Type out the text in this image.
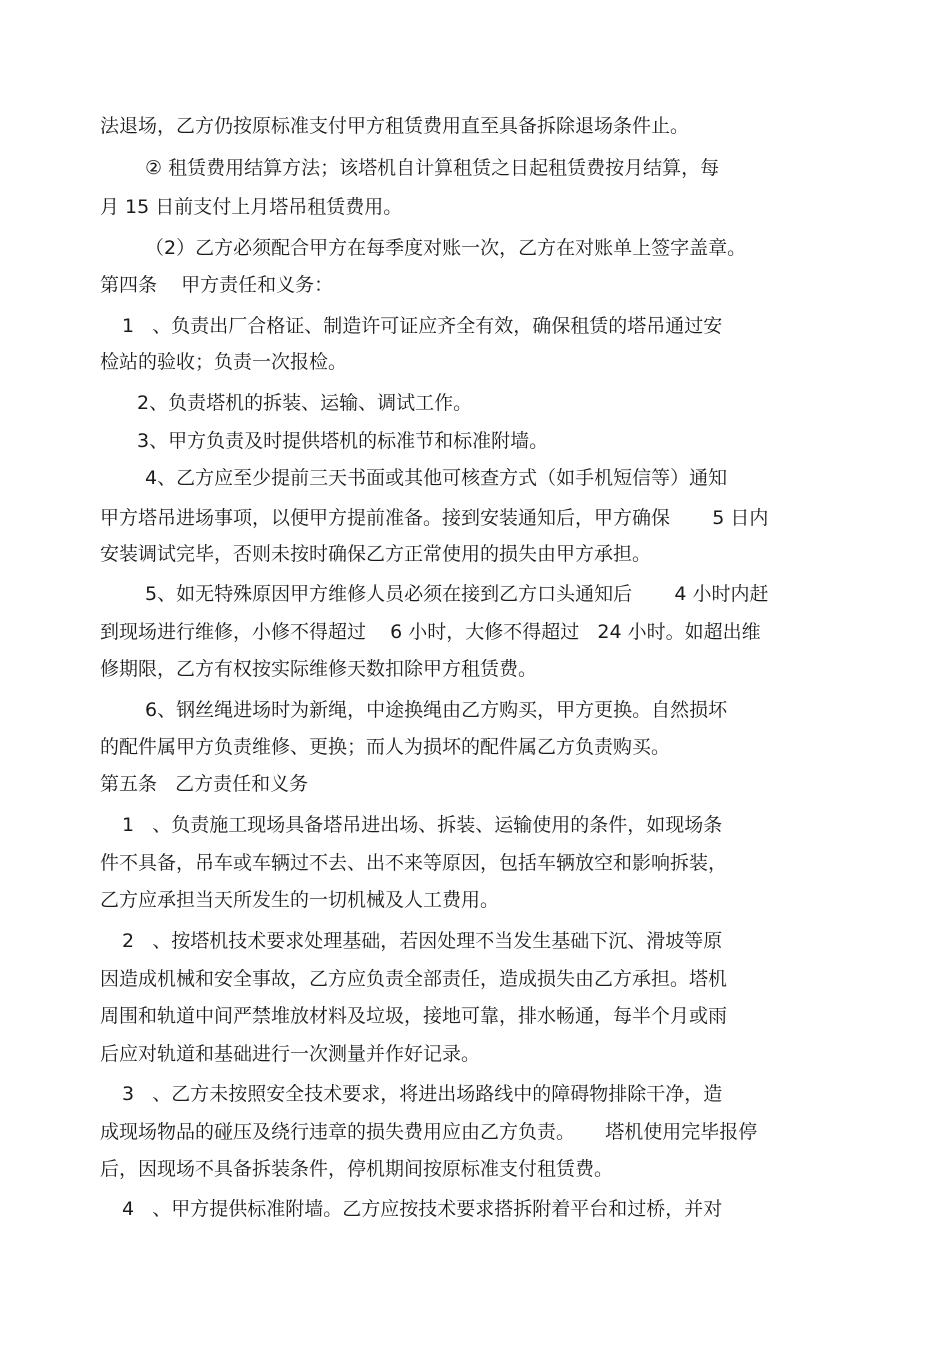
法退场，乙方仍按原标准支付甲方租赁费用直至具备拆除退场条件止。
② 租赁费用结算方法；该塔机自计算租赁之日起租赁费按月结算，每
月 15 日前支付上月塔吊租赁费用。
（2）乙方必须配合甲方在每季度对账一次，乙方在对账单上签字盖章。
第四条    甲方责任和义务：
1   、负责出厂合格证、制造许可证应齐全有效，确保租赁的塔吊通过安
检站的验收；负责一次报检。
2、负责塔机的拆装、运输、调试工作。
3、甲方负责及时提供塔机的标准节和标准附墙。
4、乙方应至少提前三天书面或其他可核查方式（如手机短信等）通知
甲方塔吊进场事项，以便甲方提前准备。接到安装通知后，甲方确保       5 日内
安装调试完毕，否则未按时确保乙方正常使用的损失由甲方承担。
5、如无特殊原因甲方维修人员必须在接到乙方口头通知后       4 小时内赶
到现场进行维修，小修不得超过    6 小时，大修不得超过   24 小时。如超出维
修期限，乙方有权按实际维修天数扣除甲方租赁费。
6、钢丝绳进场时为新绳，中途换绳由乙方购买，甲方更换。自然损坏
的配件属甲方负责维修、更换；而人为损坏的配件属乙方负责购买。
第五条   乙方责任和义务
1   、负责施工现场具备塔吊进出场、拆装、运输使用的条件，如现场条
件不具备，吊车或车辆过不去、出不来等原因，包括车辆放空和影响拆装，
乙方应承担当天所发生的一切机械及人工费用。
2   、按塔机技术要求处理基础，若因处理不当发生基础下沉、滑坡等原
因造成机械和安全事故，乙方应负责全部责任，造成损失由乙方承担。塔机
周围和轨道中间严禁堆放材料及垃圾，接地可靠，排水畅通，每半个月或雨
后应对轨道和基础进行一次测量并作好记录。
3   、乙方未按照安全技术要求，将进出场路线中的障碍物排除干净，造
成现场物品的碰压及绕行违章的损失费用应由乙方负责。     塔机使用完毕报停
后，因现场不具备拆装条件，停机期间按原标准支付租赁费。
4   、甲方提供标准附墙。乙方应按技术要求搭拆附着平台和过桥，并对
